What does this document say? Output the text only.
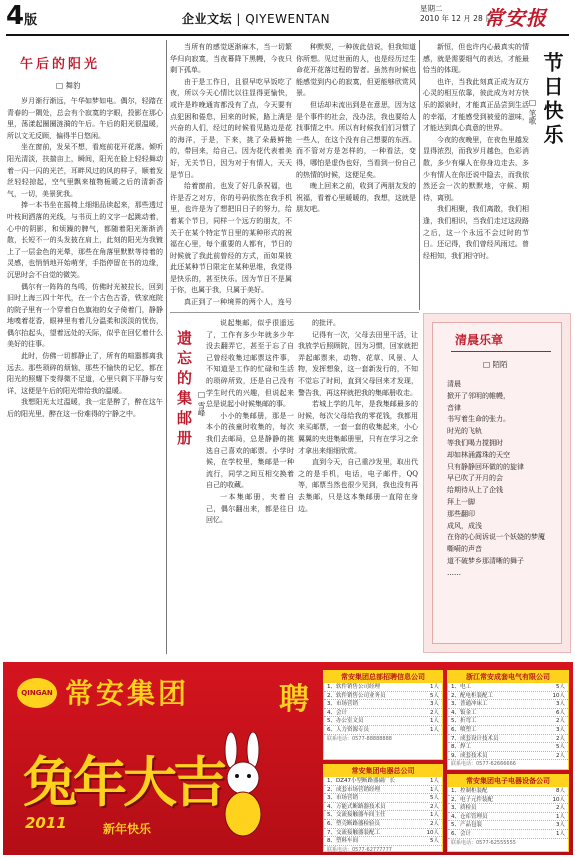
4版	企业文坛 | QIYEWENTAN
星期二
2010 年 12 月 28 日
常安报
午后的阳光
□ 舞豹

岁月渐行渐远，午华如梦如电。偶尔，轻踏在青春的一隅处，总会有个寂寞的字眼，投影在那心里，荡漾起圈圈涟漪的午后。午后的阳光很温暖，所以文无反顾，偏得半日悠闲。

坐在窗前，发呆不想，看庭前花开花落。倾听阳光清淡，扶揣亩上，瞬间，阳光在脸上轻轻舞动着一闪一闪的光芒，耳畔风过的风的样子，顺着发丝轻轻掠起，空气里飘来植物栀暖之后的清新香气，一切，美景犹我。

捧一本书坐在摇椅上细细品读起来，那些透过叶枝间洒落的光线，与书页上的文字一起跳动着，心中的阴影，和烦躁的脾气，都随着阳光渐渐消散，长短不一的头发披在肩上，此刻的阳光为我镀上了一层金色的光晕，那些在角落里默默等待着的灵感，也悄悄地开始萌芽，手指停留在书的边缘，沉思时会不自觉的微笑。

偶尔有一阵阵的鸟鸣，仿佛时光被拉长，回到旧时上海三四十年代，在一个古色古香，铁家庭院的院子里有一个穿着白色旗袍的女子倚着门，静静地嗅着花香，眼神里有着几分温柔和淡淡的忧伤，偶尔抬起头，望着远处的天际，似乎在回忆着什么美好的往事。

此时，仿佛一切都静止了，所有的喧嚣都离我远去。那些琐碎的烦恼，那些不愉快的记忆，都在阳光的照耀下变得微不足道，心里只剩下平静与安详，这便是午后的阳光带给我的温暖。

我想阳光太过温暖，我一定是醉了，醉在这午后的阳光里，醉在这一份难得的宁静之中。

当所有的感觉逐渐麻木，当一切繁华归向寂寞，当夜幕降下黑幔，今夜只剩下孤单。

由于是工作日，且很早吃早饭吃了夜，所以今天心情比以往显得更愉快，或许是昨晚通宵都没有了点，今天要有点犯困和倦怠，回来的时候，路上满是兴奋的人们，经过的时候看见路边是花的海洋，于是，下来，挑了朵最鲜艳的，带回来，给自己。因为花代表着美好，无关节日，因为对于有情人，天天是节日。

给着窗前，也发了好几条祝福，也许是否之对方，你的号码依然在我手机里，也许是为了想把旧日子的努力，给着某个节日，同样一个远方的朋友，不关于在某个特定节日里的某种形式的祝福在心里，每个重要的人都有，节日的时候就了我此前曾经的方式，而如果彼此还某种节日限定在某种思维，我觉得是快乐的，甚至快乐。因为节日不是属于你，也属于我，只属于美好。

真正到了一种境界的两个人，连号

种默契，一种彼此信说，但我知道你所想。见过世面的人，也是经历过生命花开花落过程的智者。虽然有时候也能感觉到内心的寂寞，但更能够欣赏风景。

但话却未流出到是在意思，因为这是个事件的社会，没办法，我也要给人找事情之中。所以有时候我们们习惯了一些人，在这个没有自己想要的东西。而不管对方是怎样的，一种看法，变得，哪怕是虚伪也好，当看到一份自己的热情的时候，这便足矣。

晚上回来之前，收到了两朋友发的祝福，看着心里暖暖的，我想，这就是朋友吧。

新恒，但也许内心最真实的情感，就是需要细气的表达，才能最恰当的体现。

也许，当我此刻真正成为双方心灵的相互依靠，彼此成为对方快乐的源泉时，才能真正品尝到生活的幸福，才能感受到被爱的滋味，才能达到真心真意的世界。

今夜的夜晚里，在夜色里越发显得浓烈，而我岁月越色，色彩消散，多少有爆人在你身边走去，多少有情人在你还说中隐去，而我依然还会一次的默默地，守候、期待，离别。

我们相聚，我们离散，我们相逢，我们相识，当我们走过这段路之后，这一个永远不会过时的节日。还记得，我们曾经风雨过。曾经相知，我们相守时。

节日快乐
□ 笔歌
遗忘的集邮册 □ 雪峰

说起集邮，似乎很遥远了，工作有多少年就多少年没去翻弄它，甚至于忘了自己曾经收集过邮票这件事，不知道是工作的忙碌和生活的琐碎所致，还是自己没有学生时代的兴趣，但说起来总是说起小时候集邮的事。

小小的集邮册，那是一本小的孩童时收集的，每次我们去邮局，总是静静的挑选自己喜欢的邮票。小学时候，在学校里，集邮是一种流行，同学之间互相交换着自己的收藏。

一本集邮册，夹着自己，偶尔翻出来，都是往日回忆。

的批评。

记得有一次，父母去田里干活，让我放学后照顾院，因为习惯，回家就把弄起邮票来，动物、花草、风景、人物，发挥想象，这一套新发行的，不知不觉忘了时间，直到父母回来才发现，警告我，再这样就把我的集邮册收走。

若城上学的几年，是我集邮最多的时候，每次父母给我的零花钱，我都用来买邮票，一套一套的收集起来，小心翼翼的夹进集邮册里，只有在学习之余才拿出来细细欣赏。

直到今天，自己重沙发里，取出代之的是手机，电话，电子邮件，QQ等，邮票当然也很少见到，我也没有再去集邮，只是这本集邮册一直陪在身边。

清晨乐章
□ 陌陌
清晨
掀开了邻明的帷幔，
音律
书写着生命的张力。
时光的飞轨
等我们喝力搅拥时
却如林涌露珠的天空
只有静静回环做的的旋律
早已吹了开月的会
给期待从上了企钱
拜上一脚
那些翻印
成风，成浅
在你的心间诉说一个妖娆的梦魇
嘶嗬的声音
道不破梦乡那清晰的舞子
……
QINGAN 常安集团
兔年大吉
2011	新年快乐
聘
常安集团总部招聘信息公司
1、软件销售公司经理	1人
2、软件销售公司业务员	5人
3、市场营销	3人
4、会计	2人
5、办公室文员	1人
6、人力资源专员	1人
联系电话：0577-88888888
常安集团电器总公司
1、DZ47小型断路器副厂长	1人
2、成套市场营销经理	1人
3、市场营销	5人
4、万能式断路器技术员	2人
5、交流接触器车间主任	1人
6、塑壳断路器检验员	2人
7、交流接触器装配工	10人
8、塑料车间	5人
联系电话：0577-62777777
浙江常安成套电气有限公司
1、电工	5人
2、配电柜装配工	10人
3、普通冲床工	3人
4、钣金工	6人
5、折弯工	2人
6、喷塑工	3人
7、成套设计技术员	2人
8、焊工	5人
9、成套技术员	2人
联系电话：0577-62666666
常安集团电子电器设备公司
1、控制柜装配	8人
2、电子元件装配	10人
3、质检员	2人
4、仓库管理员	1人
5、产品包装	3人
6、会计	1人
联系电话：0577-62555555
